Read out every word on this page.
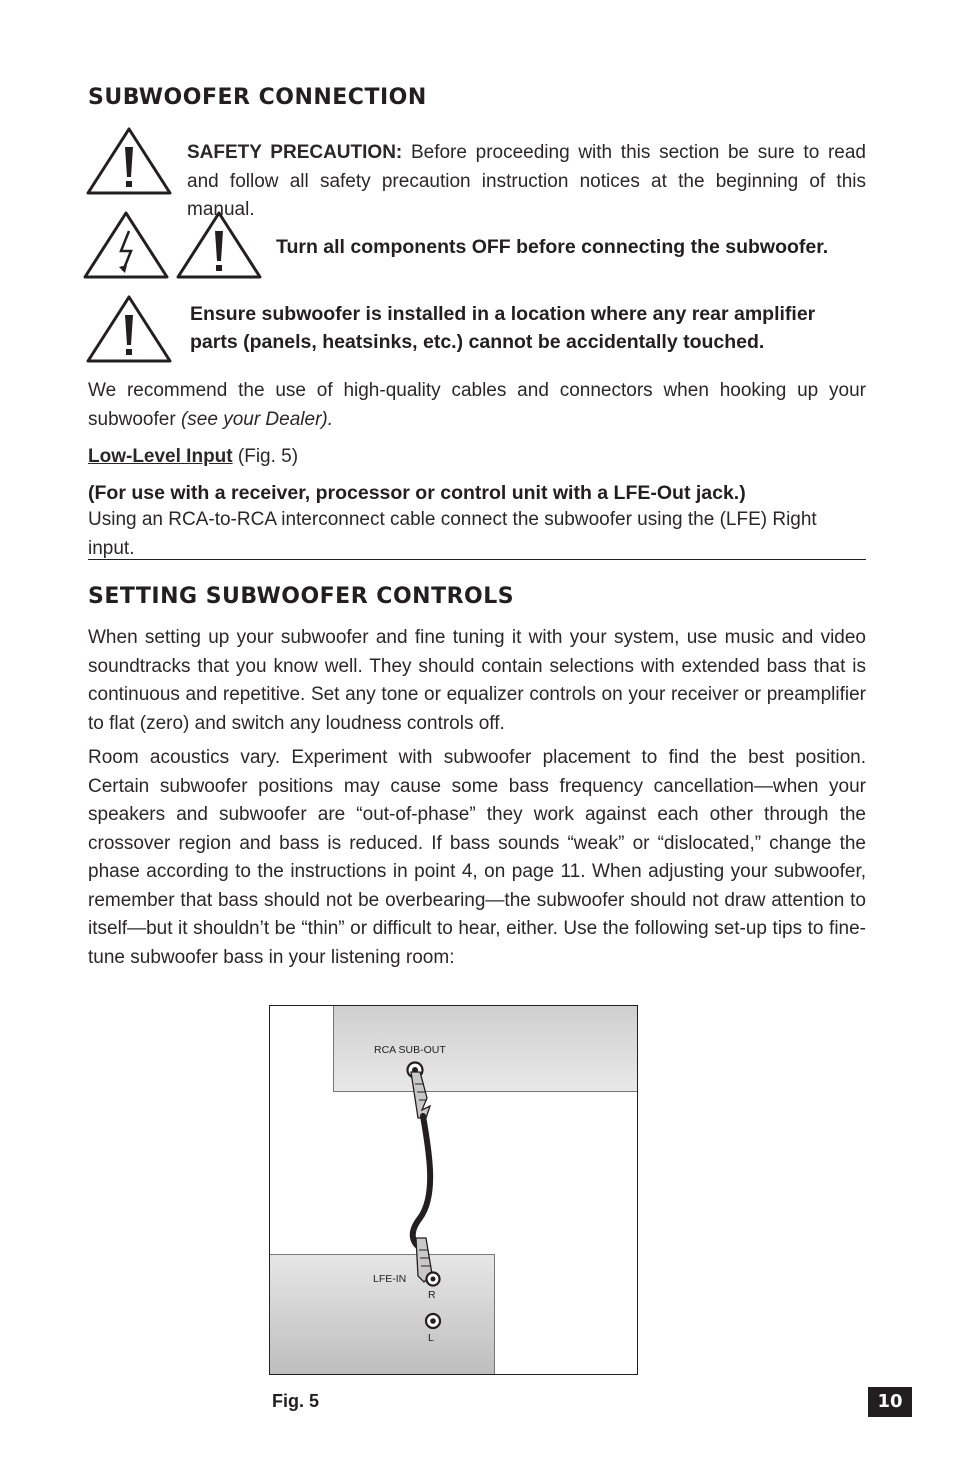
SUBWOOFER CONNECTION
SAFETY PRECAUTION: Before proceeding with this section be sure to read and follow all safety precaution instruction notices at the beginning of this manual.
Turn all components OFF before connecting the subwoofer.
Ensure subwoofer is installed in a location where any rear amplifier parts (panels, heatsinks, etc.) cannot be accidentally touched.
We recommend the use of high-quality cables and connectors when hooking up your subwoofer (see your Dealer).
Low-Level Input (Fig. 5)
(For use with a receiver, processor or control unit with a LFE-Out jack.)
Using an RCA-to-RCA interconnect cable connect the subwoofer using the (LFE) Right input.
SETTING SUBWOOFER CONTROLS
When setting up your subwoofer and fine tuning it with your system, use music and video soundtracks that you know well. They should contain selections with extended bass that is continuous and repetitive. Set any tone or equalizer controls on your receiver or preamplifier to flat (zero) and switch any loudness controls off.
Room acoustics vary. Experiment with subwoofer placement to find the best position. Certain subwoofer positions may cause some bass frequency cancellation—when your speakers and subwoofer are “out-of-phase” they work against each other through the crossover region and bass is reduced. If bass sounds “weak” or “dislocated,” change the phase according to the instructions in point 4, on page 11. When adjusting your subwoofer, remember that bass should not be overbearing—the subwoofer should not draw attention to itself—but it shouldn’t be “thin” or difficult to hear, either. Use the following set-up tips to fine-tune subwoofer bass in your listening room:
RCA SUB-OUT
LFE-IN
R
L
Fig. 5	10
